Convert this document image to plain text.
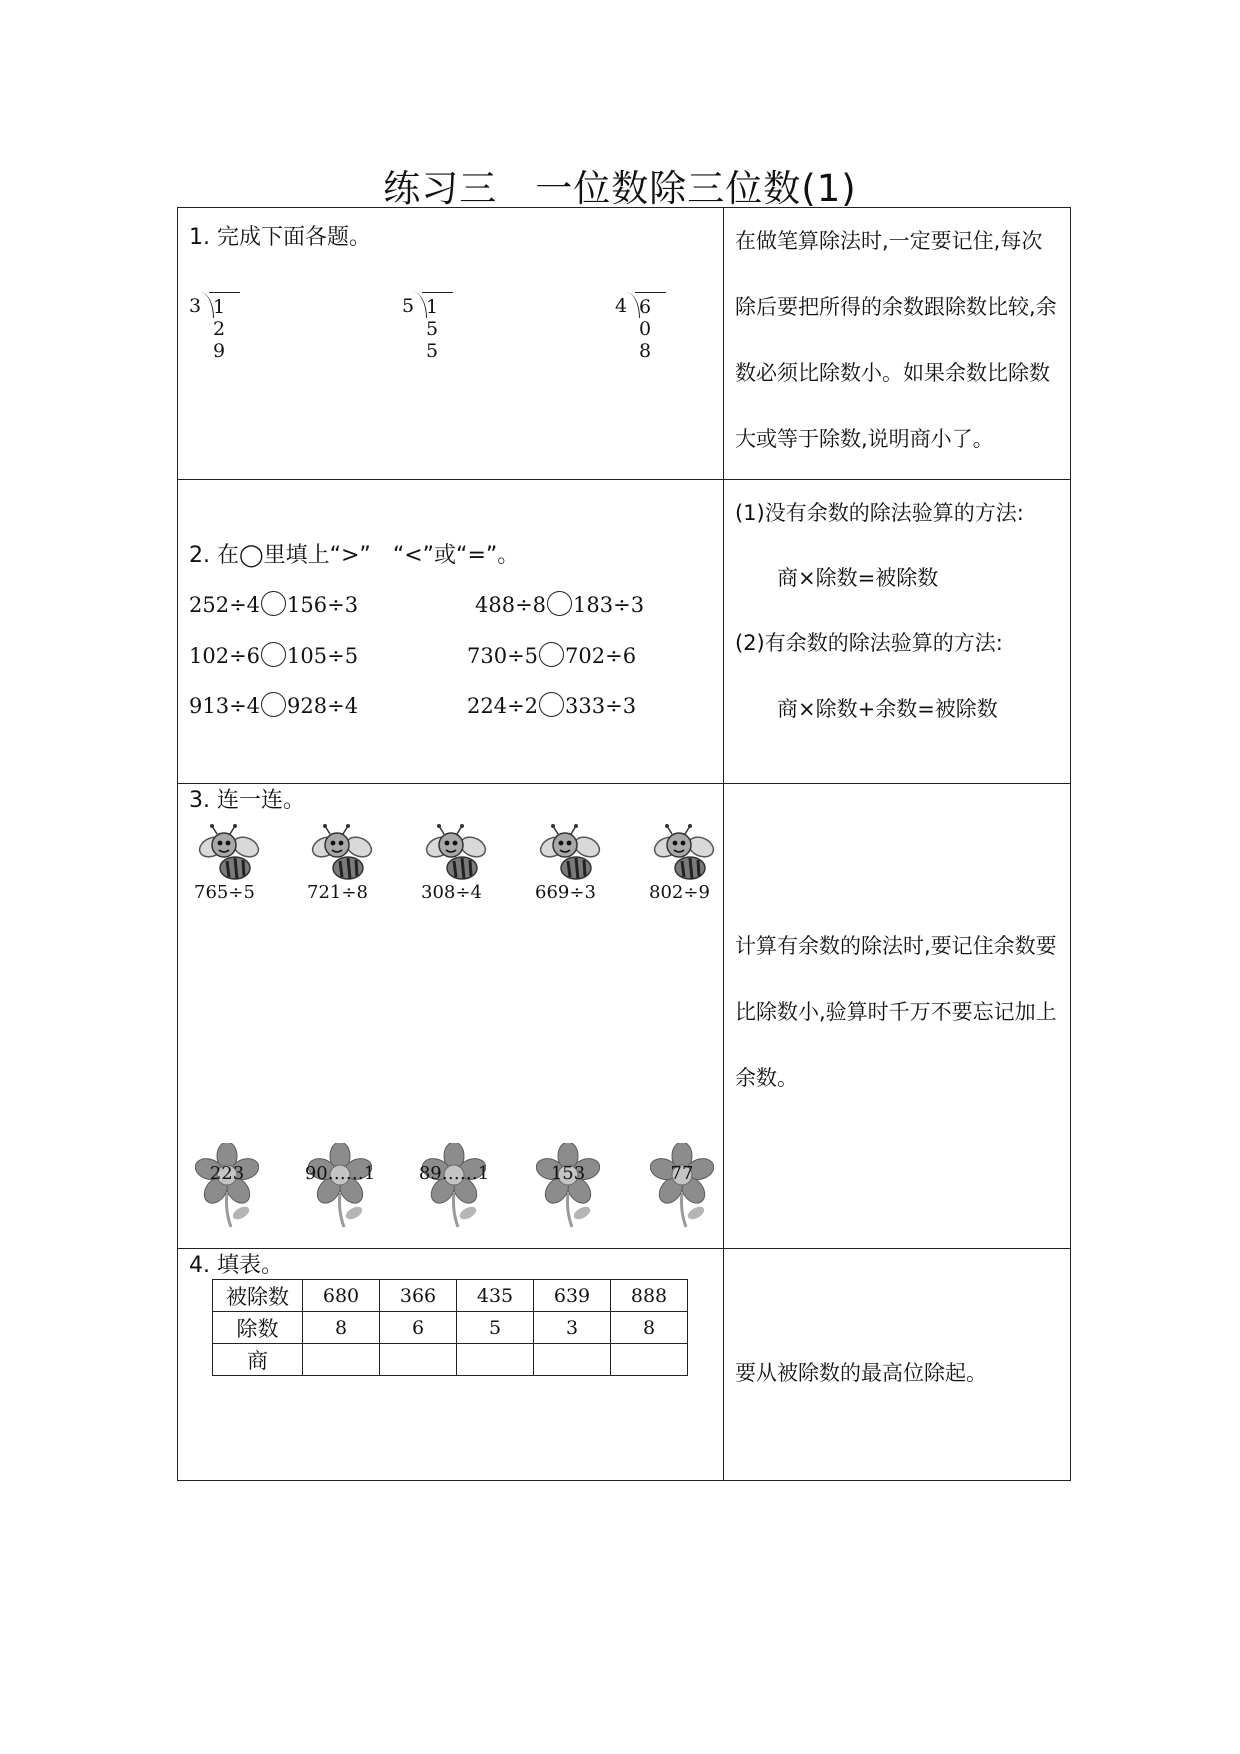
练习三　一位数除三位数(1)
1. 完成下面各题。
3 1 2 9
5 1 5 5
4 6 0 8
在做笔算除法时,一定要记住,每次除后要把所得的余数跟除数比较,余数必须比除数小。如果余数比除数大或等于除数,说明商小了。
2. 在◯里填上“>”　“<”或“=”。
252÷4 156÷3	488÷8 183÷3
102÷6 105÷5	730÷5 702÷6
913÷4 928÷4	224÷2 333÷3
(1)没有余数的除法验算的方法:
商×除数=被除数
(2)有余数的除法验算的方法:
商×除数+余数=被除数
3. 连一连。
765÷5	721÷8	308÷4	669÷3	802÷9
223	90……1	89……1	153	77
计算有余数的除法时,要记住余数要比除数小,验算时千万不要忘记加上余数。
4. 填表。
被除数	680	366	435	639	888
除数	8	6	5	3	8
商					
要从被除数的最高位除起。
